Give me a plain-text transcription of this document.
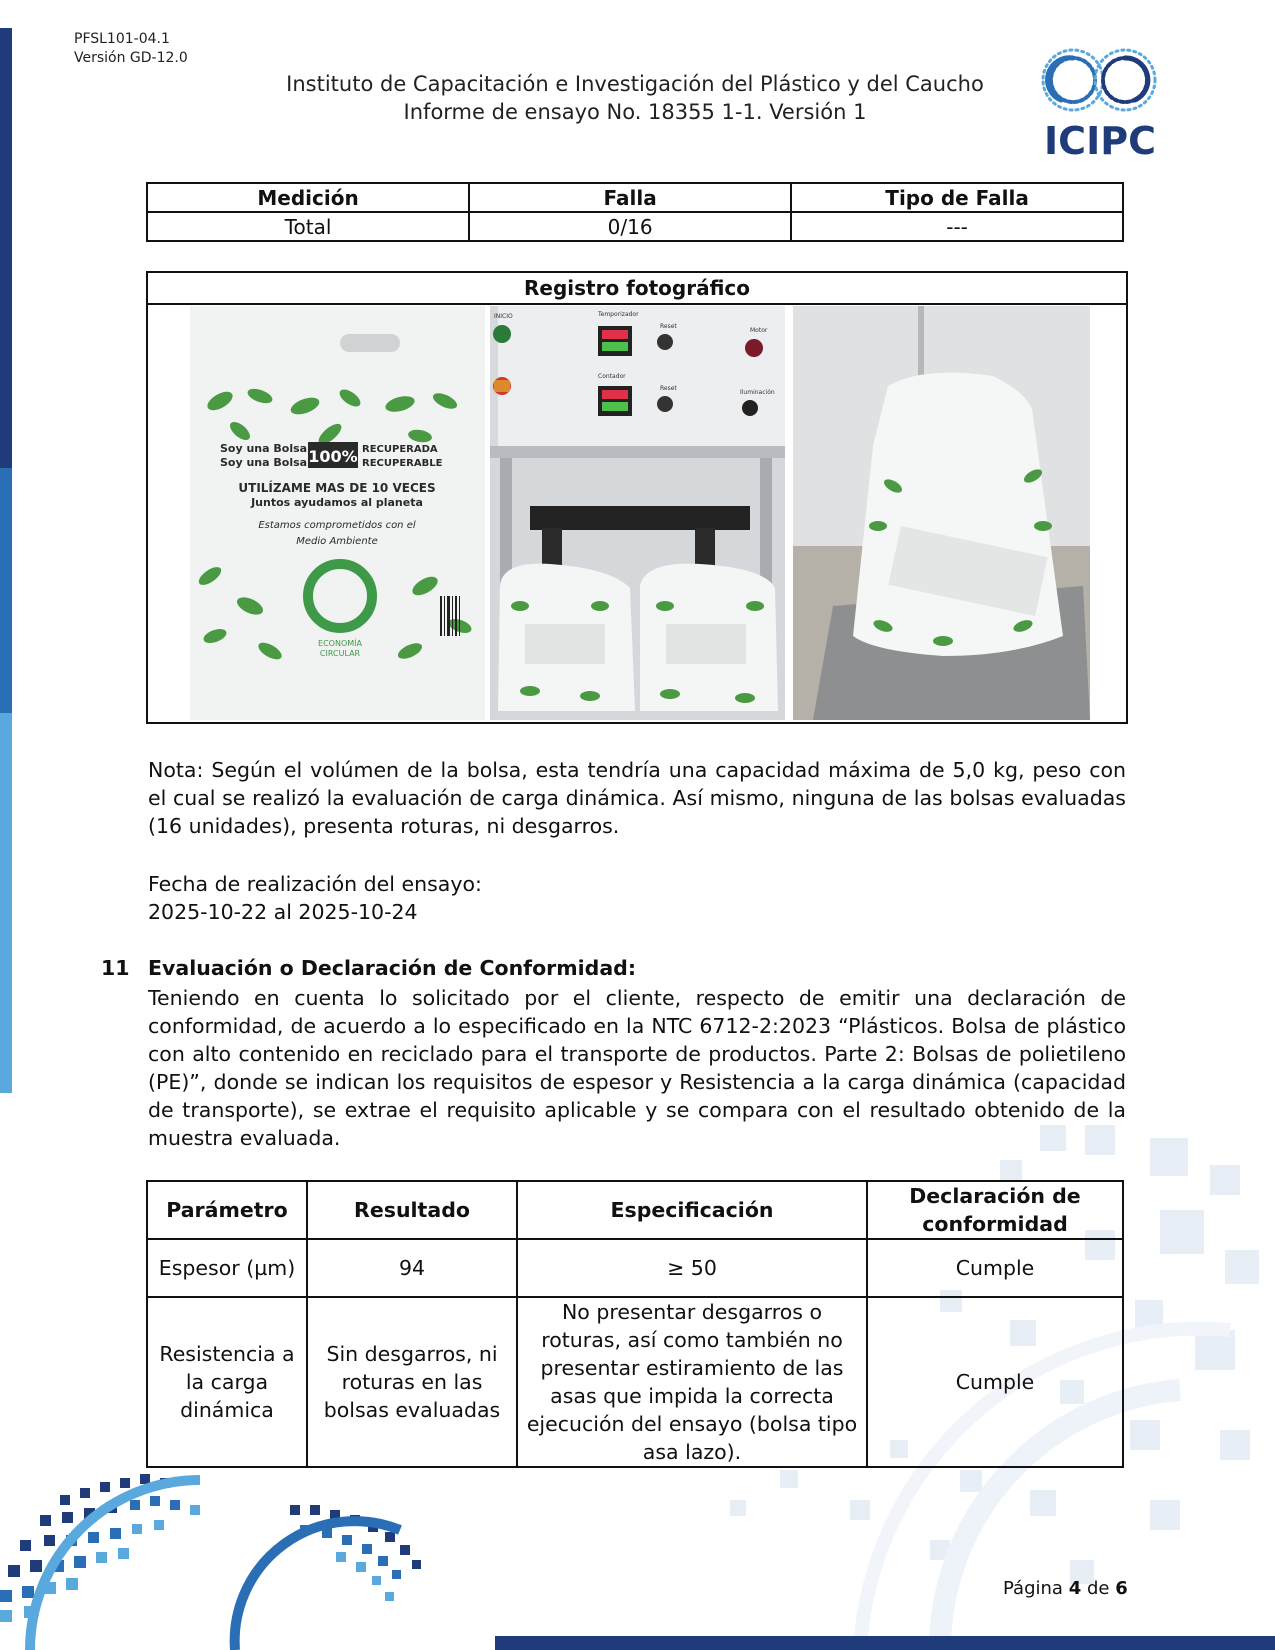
PFSL101-04.1
Versión GD-12.0
Instituto de Capacitación e Investigación del Plástico y del Caucho
Informe de ensayo No. 18355 1-1. Versión 1
ICIPC
Medición	Falla	Tipo de Falla
Total	0/16	---
Registro fotográfico
Soy una Bolsa
Soy una Bolsa 100% RECUPERADA
RECUPERABLE
UTILÍZAME MAS DE 10 VECES
Juntos ayudamos al planeta
Estamos comprometidos con el
Medio Ambiente
ECONOMÍA
CIRCULAR
INICIO	Temporizador
Reset
Motor
Contador
Reset
Iluminación
Nota: Según el volúmen de la bolsa, esta tendría una capacidad máxima de 5,0 kg, peso con el cual se realizó la evaluación de carga dinámica. Así mismo, ninguna de las bolsas evaluadas (16 unidades), presenta roturas, ni desgarros.
Fecha de realización del ensayo:
2025-10-22 al 2025-10-24
11 Evaluación o Declaración de Conformidad:
Teniendo en cuenta lo solicitado por el cliente, respecto de emitir una declaración de conformidad, de acuerdo a lo especificado en la NTC 6712-2:2023 “Plásticos. Bolsa de plástico con alto contenido en reciclado para el transporte de productos. Parte 2: Bolsas de polietileno (PE)”, donde se indican los requisitos de espesor y Resistencia a la carga dinámica (capacidad de transporte), se extrae el requisito aplicable y se compara con el resultado obtenido de la muestra evaluada.
Parámetro	Resultado	Especificación	Declaración de conformidad
Espesor (µm)	94	≥ 50	Cumple
Resistencia a la carga dinámica	Sin desgarros, ni roturas en las bolsas evaluadas	No presentar desgarros o roturas, así como también no presentar estiramiento de las asas que impida la correcta ejecución del ensayo (bolsa tipo asa lazo).	Cumple
Página 4 de 6
